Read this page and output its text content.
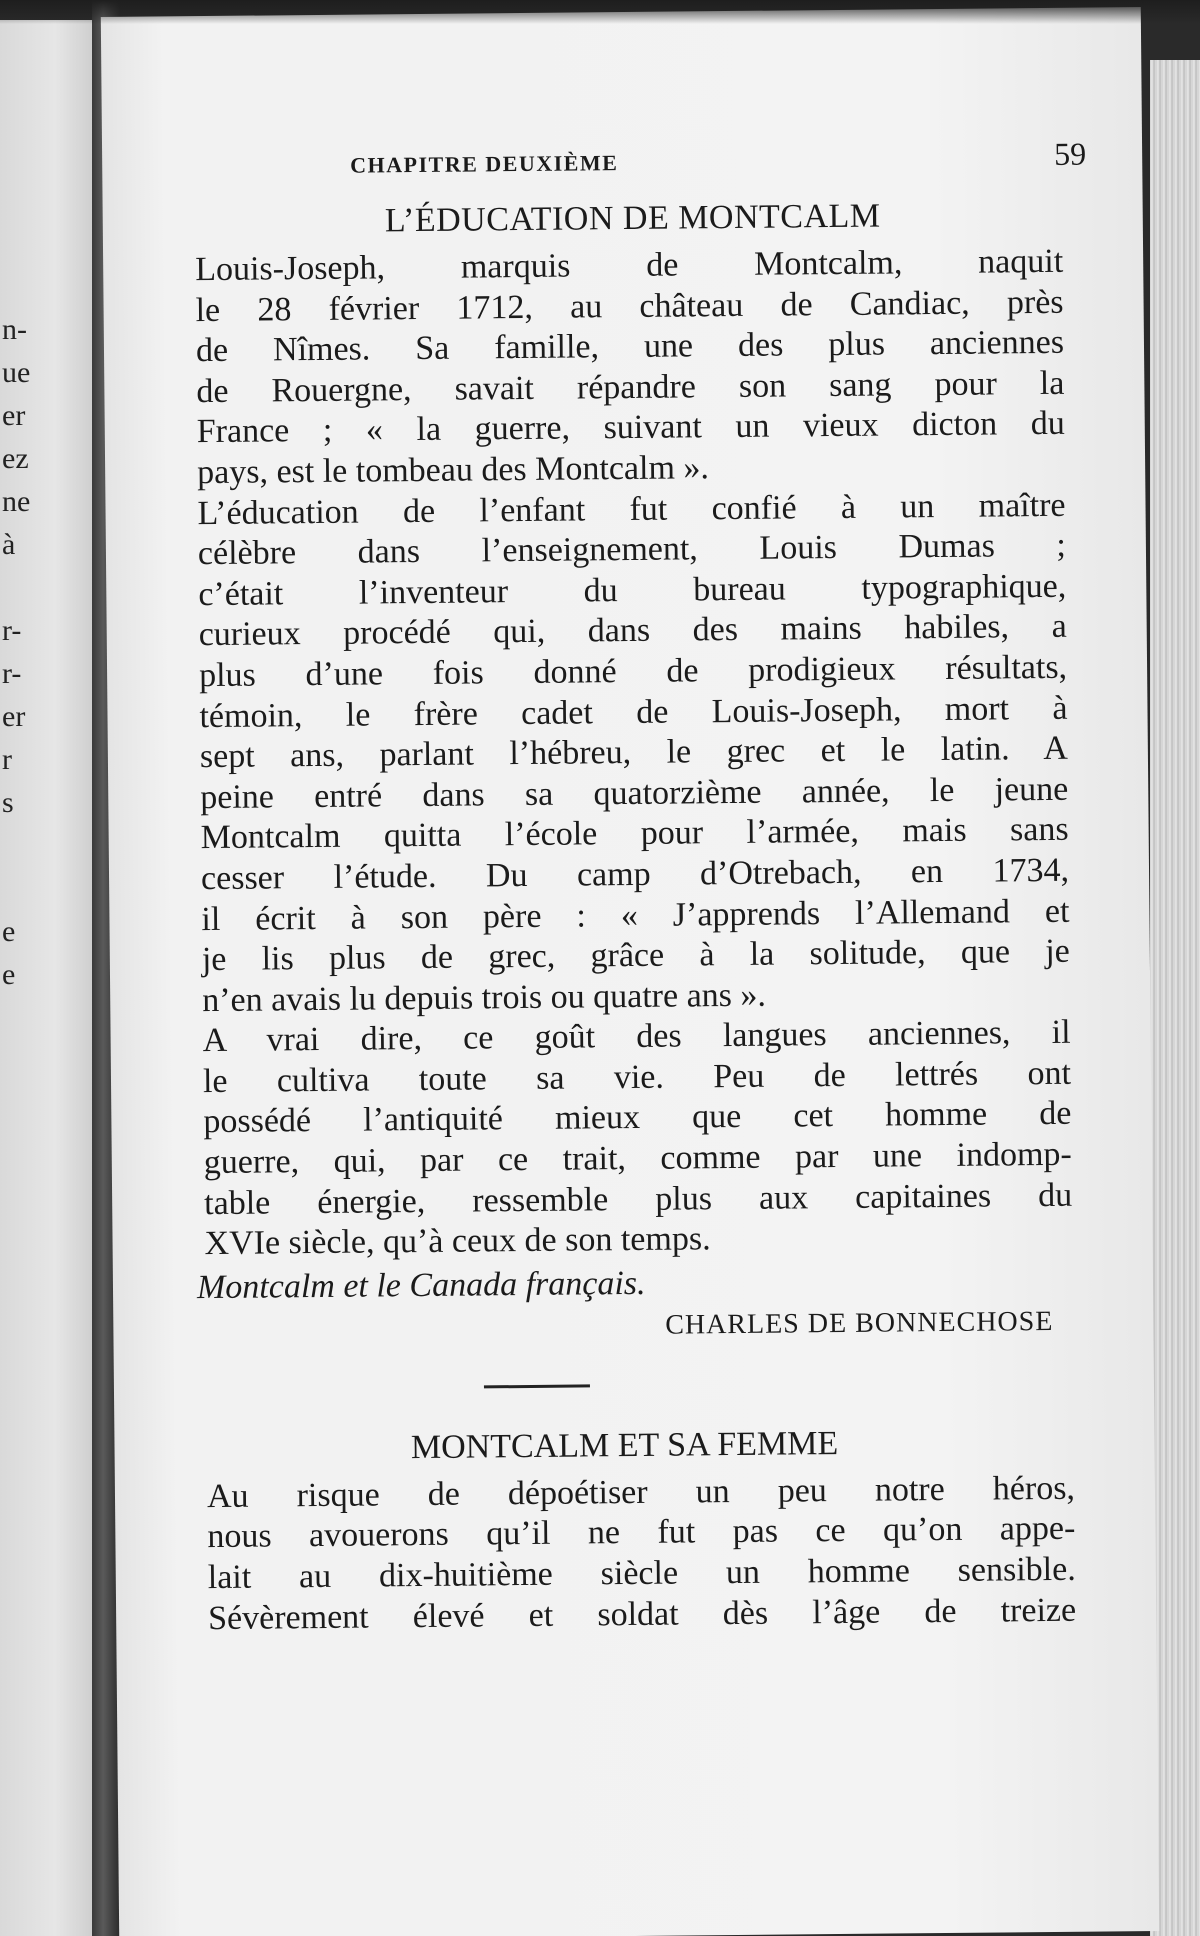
n-
ue
er
ez
ne
à
r-
r-
er
r
s
e
e
CHAPITRE DEUXIÈME	59
L’ÉDUCATION DE MONTCALM

Louis-Joseph, marquis de Montcalm, naquit
le 28 février 1712, au château de Candiac, près
de Nîmes. Sa famille, une des plus anciennes
de Rouergne, savait répandre son sang pour la
France ; « la guerre, suivant un vieux dicton du
pays, est le tombeau des Montcalm ».

L’éducation de l’enfant fut confié à un maître
célèbre dans l’enseignement, Louis Dumas ;
c’était l’inventeur du bureau typographique,
curieux procédé qui, dans des mains habiles, a
plus d’une fois donné de prodigieux résultats,
témoin, le frère cadet de Louis-Joseph, mort à
sept ans, parlant l’hébreu, le grec et le latin. A
peine entré dans sa quatorzième année, le jeune
Montcalm quitta l’école pour l’armée, mais sans
cesser l’étude. Du camp d’Otrebach, en 1734,
il écrit à son père : « J’apprends l’Allemand et
je lis plus de grec, grâce à la solitude, que je
n’en avais lu depuis trois ou quatre ans ».

A vrai dire, ce goût des langues anciennes, il
le cultiva toute sa vie. Peu de lettrés ont
possédé l’antiquité mieux que cet homme de
guerre, qui, par ce trait, comme par une indomp-
table énergie, ressemble plus aux capitaines du
XVIe siècle, qu’à ceux de son temps.

Montcalm et le Canada français.
CHARLES DE BONNECHOSE
MONTCALM ET SA FEMME

Au risque de dépoétiser un peu notre héros,
nous avouerons qu’il ne fut pas ce qu’on appe-
lait au dix-huitième siècle un homme sensible.
Sévèrement élevé et soldat dès l’âge de treize
